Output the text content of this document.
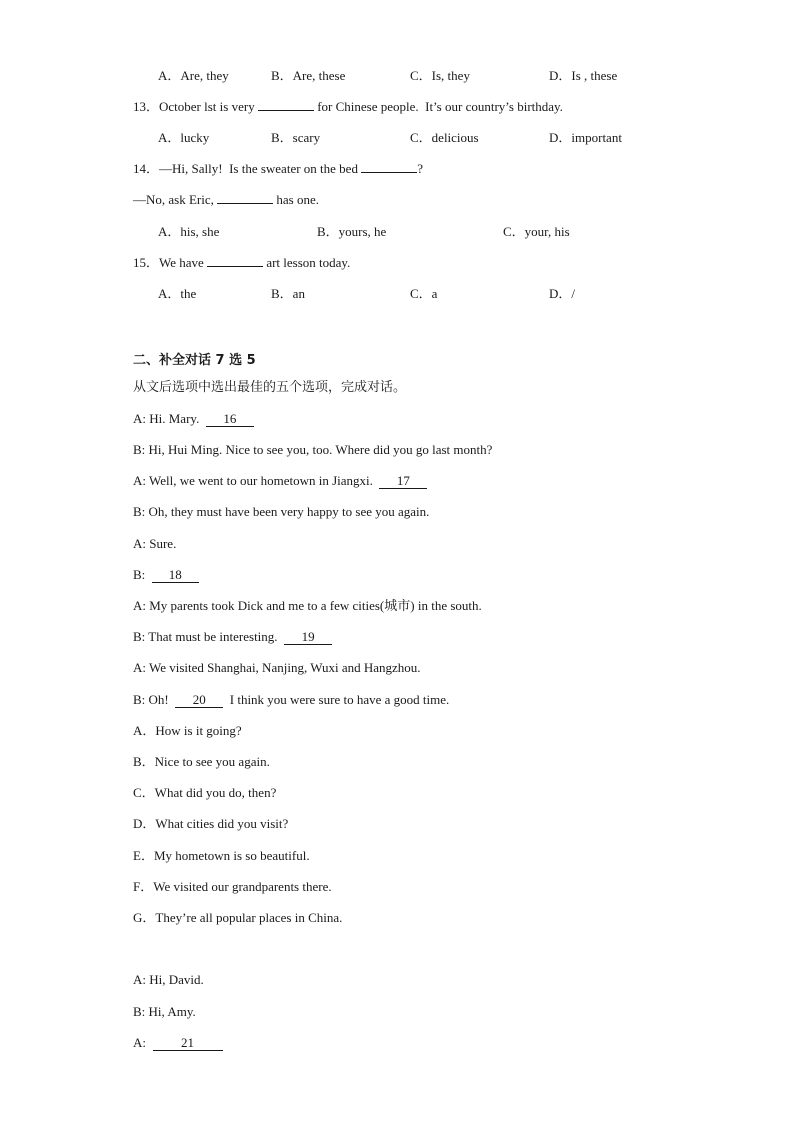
A．Are, they	B．Are, these	C．Is, they	D．Is , these
13．October lst is very	for Chinese people.  It’s our country’s birthday.
A．lucky	B．scary	C．delicious	D．important
14．—Hi, Sally!  Is the sweater on the bed	?
—No, ask Eric,	has one.
A．his, she	B．yours, he	C．your, his
15．We have	art lesson today.
A．the	B．an	C．a	D．/
二、补全对话 7 选 5
从文后选项中选出最佳的五个选项，完成对话。
A: Hi. Mary.  16
B: Hi, Hui Ming. Nice to see you, too. Where did you go last month?
A: Well, we went to our hometown in Jiangxi.  17
B: Oh, they must have been very happy to see you again.
A: Sure.
B:  18
A: My parents took Dick and me to a few cities(城市) in the south.
B: That must be interesting.  19
A: We visited Shanghai, Nanjing, Wuxi and Hangzhou.
B: Oh!  20  I think you were sure to have a good time.
A．How is it going?
B．Nice to see you again.
C．What did you do, then?
D．What cities did you visit?
E．My hometown is so beautiful.
F．We visited our grandparents there.
G．They’re all popular places in China.
A: Hi, David.
B: Hi, Amy.
A:  21
